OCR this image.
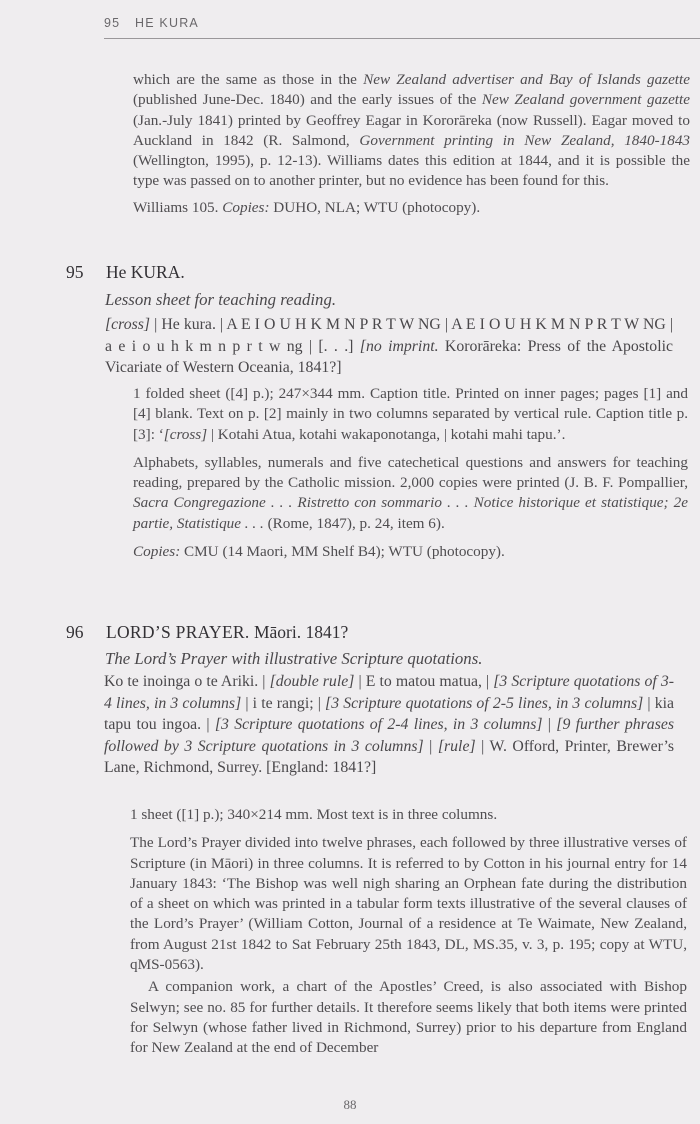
95 HE KURA

which are the same as those in the New Zealand advertiser and Bay of Islands gazette (published June-Dec. 1840) and the early issues of the New Zealand government gazette (Jan.-July 1841) printed by Geoffrey Eagar in Kororāreka (now Russell). Eagar moved to Auckland in 1842 (R. Salmond, Government printing in New Zealand, 1840-1843 (Wellington, 1995), p. 12-13). Williams dates this edition at 1844, and it is possible the type was passed on to another printer, but no evidence has been found for this.

Williams 105. Copies: DUHO, NLA; WTU (photocopy).

95 He KURA.
Lesson sheet for teaching reading.

[cross] | He kura. | A E I O U H K M N P R T W NG | A E I O U H K M N P R T W NG | a e i o u h k m n p r t w ng | [. . .] [no imprint. Kororāreka: Press of the Apostolic Vicariate of Western Oceania, 1841?]

1 folded sheet ([4] p.); 247×344 mm. Caption title. Printed on inner pages; pages [1] and [4] blank. Text on p. [2] mainly in two columns separated by vertical rule. Caption title p. [3]: ‘[cross] | Kotahi Atua, kotahi wakaponotanga, | kotahi mahi tapu.’.

Alphabets, syllables, numerals and five catechetical questions and answers for teaching reading, prepared by the Catholic mission. 2,000 copies were printed (J. B. F. Pompallier, Sacra Congregazione . . . Ristretto con sommario . . . Notice historique et statistique; 2e partie, Statistique . . . (Rome, 1847), p. 24, item 6).

Copies: CMU (14 Maori, MM Shelf B4); WTU (photocopy).

96 LORD’S PRAYER. Māori. 1841?
The Lord’s Prayer with illustrative Scripture quotations.

Ko te inoinga o te Ariki. | [double rule] | E to matou matua, | [3 Scripture quotations of 3-4 lines, in 3 columns] | i te rangi; | [3 Scripture quotations of 2-5 lines, in 3 columns] | kia tapu tou ingoa. | [3 Scripture quotations of 2-4 lines, in 3 columns] | [9 further phrases followed by 3 Scripture quotations in 3 columns] | [rule] | W. Offord, Printer, Brewer’s Lane, Richmond, Surrey. [England: 1841?]

1 sheet ([1] p.); 340×214 mm. Most text is in three columns.

The Lord’s Prayer divided into twelve phrases, each followed by three illustrative verses of Scripture (in Māori) in three columns. It is referred to by Cotton in his journal entry for 14 January 1843: ‘The Bishop was well nigh sharing an Orphean fate during the distribution of a sheet on which was printed in a tabular form texts illustrative of the several clauses of the Lord’s Prayer’ (William Cotton, Journal of a residence at Te Waimate, New Zealand, from August 21st 1842 to Sat February 25th 1843, DL, MS.35, v. 3, p. 195; copy at WTU, qMS-0563).

A companion work, a chart of the Apostles’ Creed, is also associated with Bishop Selwyn; see no. 85 for further details. It therefore seems likely that both items were printed for Selwyn (whose father lived in Richmond, Surrey) prior to his departure from England for New Zealand at the end of December

88
